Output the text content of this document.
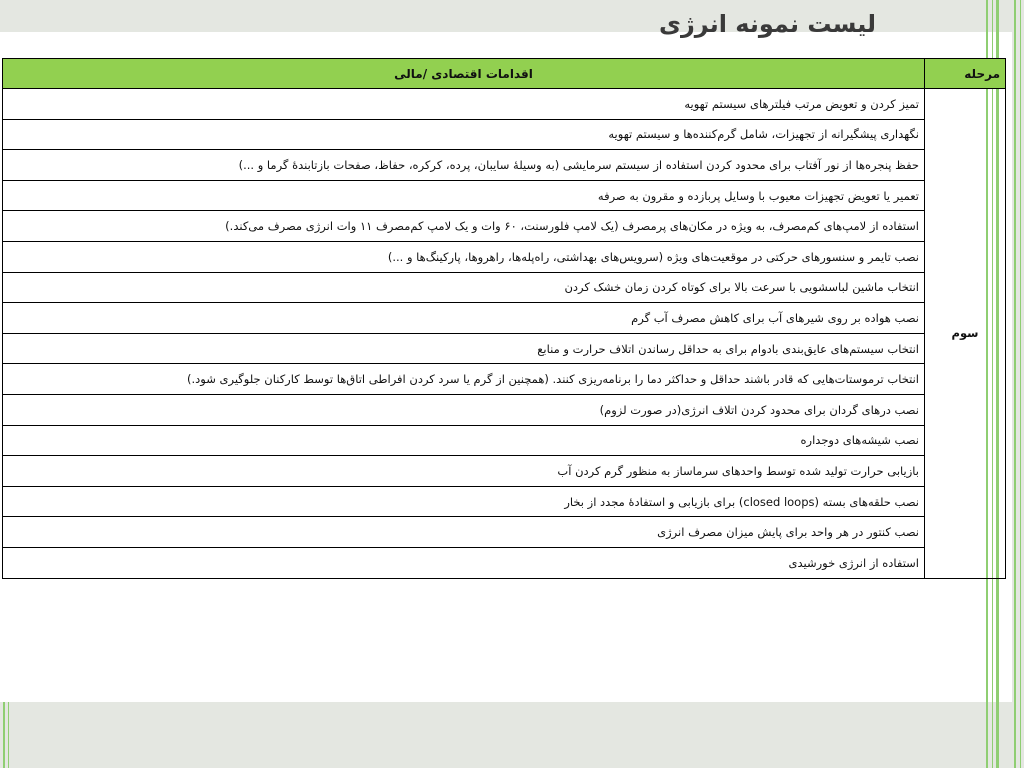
لیست نمونه انرژی
مرحله	اقدامات اقتصادی /مالی
سوم	تمیز کردن و تعویض مرتب فیلترهای سیستم تهویه
	نگهداری پیشگیرانه از تجهیزات، شامل گرم‌کننده‌ها و سیستم تهویه
	حفظ پنجره‌ها از نور آفتاب برای محدود کردن استفاده از سیستم سرمایشی (به وسیلهٔ سایبان، پرده، کرکره، حفاظ، صفحات بازتابندهٔ گرما و ...)
	تعمیر یا تعویض تجهیزات معیوب با وسایل پربازده و مقرون به صرفه
	استفاده از لامپ‌های کم‌مصرف، به ویژه در مکان‌های پرمصرف (یک لامپ فلورسنت، ۶۰ وات و یک لامپ کم‌مصرف ۱۱ وات انرژی مصرف می‌کند.)
	نصب تایمر و سنسورهای حرکتی در موقعیت‌های ویژه (سرویس‌های بهداشتی، راه‌پله‌ها، راهروها، پارکینگ‌ها و ...)
	انتخاب ماشین لباسشویی با سرعت بالا برای کوتاه کردن زمان خشک کردن
	نصب هواده بر روی شیرهای آب برای کاهش مصرف آب گرم
	انتخاب سیستم‌های عایق‌بندی بادوام برای به حداقل رساندن اتلاف حرارت و منابع
	انتخاب ترموستات‌هایی که قادر باشند حداقل و حداکثر دما را برنامه‌ریزی کنند. (همچنین از گرم یا سرد کردن افراطی اتاق‌ها توسط کارکنان جلوگیری شود.)
	نصب درهای گردان برای محدود کردن اتلاف انرژی(در صورت لزوم)
	نصب شیشه‌های دوجداره
	بازیابی حرارت تولید شده توسط واحدهای سرماساز به منظور گرم کردن آب
	نصب حلقه‌های بسته (closed loops) برای بازیابی و استفادهٔ مجدد از بخار
	نصب کنتور در هر واحد برای پایش میزان مصرف انرژی
	استفاده از انرژی خورشیدی
